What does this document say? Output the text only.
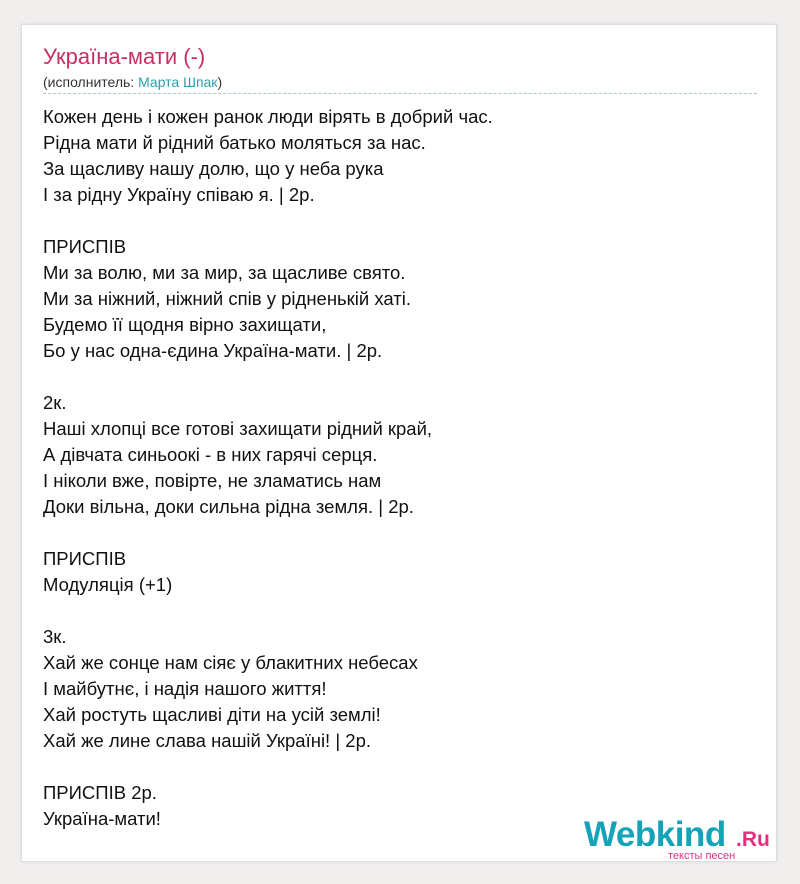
Україна-мати (-)
(исполнитель: Марта Шпак)
Кожен день і кожен ранок люди вірять в добрий час.
Рідна мати й рідний батько моляться за нас.
За щасливу нашу долю, що у неба рука
І за рідну Україну співаю я. | 2р.
ПРИСПІВ
Ми за волю, ми за мир, за щасливе свято.
Ми за ніжний, ніжний спів у рідненькій хаті.
Будемо її щодня вірно захищати,
Бо у нас одна-єдина Україна-мати. | 2р.
2к.
Наші хлопці все готові захищати рідний край,
А дівчата синьоокі - в них гарячі серця.
І ніколи вже, повірте, не зламатись нам
Доки вільна, доки сильна рідна земля. | 2р.
ПРИСПІВ
Модуляція (+1)
3к.
Хай же сонце нам сіяє у блакитних небесах
І майбутнє, і надія нашого життя!
Хай ростуть щасливі діти на усій землі!
Хай же лине слава нашій Україні! | 2р.
ПРИСПІВ 2р.
Україна-мати!	Webkind .Ru
тексты песен
